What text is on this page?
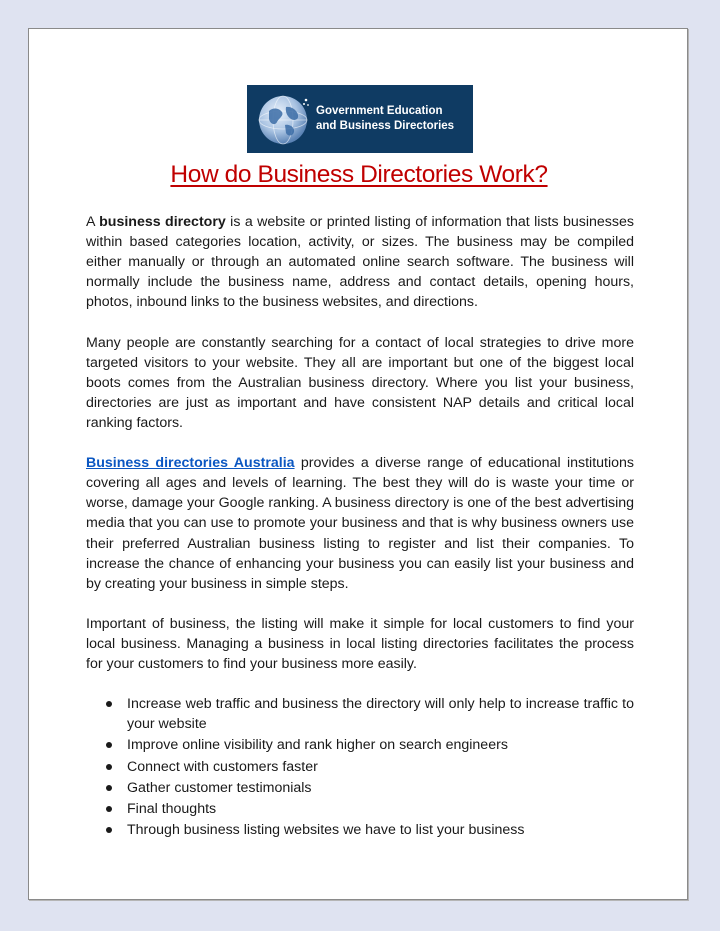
Government Education
and Business Directories
How do Business Directories Work?

A business directory is a website or printed listing of information that lists businesses within based categories location, activity, or sizes. The business may be compiled either manually or through an automated online search software. The business will normally include the business name, address and contact details, opening hours, photos, inbound links to the business websites, and directions.

Many people are constantly searching for a contact of local strategies to drive more targeted visitors to your website. They all are important but one of the biggest local boots comes from the Australian business directory. Where you list your business, directories are just as important and have consistent NAP details and critical local ranking factors.

Business directories Australia provides a diverse range of educational institutions covering all ages and levels of learning. The best they will do is waste your time or worse, damage your Google ranking. A business directory is one of the best advertising media that you can use to promote your business and that is why business owners use their preferred Australian business listing to register and list their companies. To increase the chance of enhancing your business you can easily list your business and by creating your business in simple steps.

Important of business, the listing will make it simple for local customers to find your local business. Managing a business in local listing directories facilitates the process for your customers to find your business more easily.

Increase web traffic and business the directory will only help to increase traffic to your website
Improve online visibility and rank higher on search engineers
Connect with customers faster
Gather customer testimonials
Final thoughts
Through business listing websites we have to list your business
